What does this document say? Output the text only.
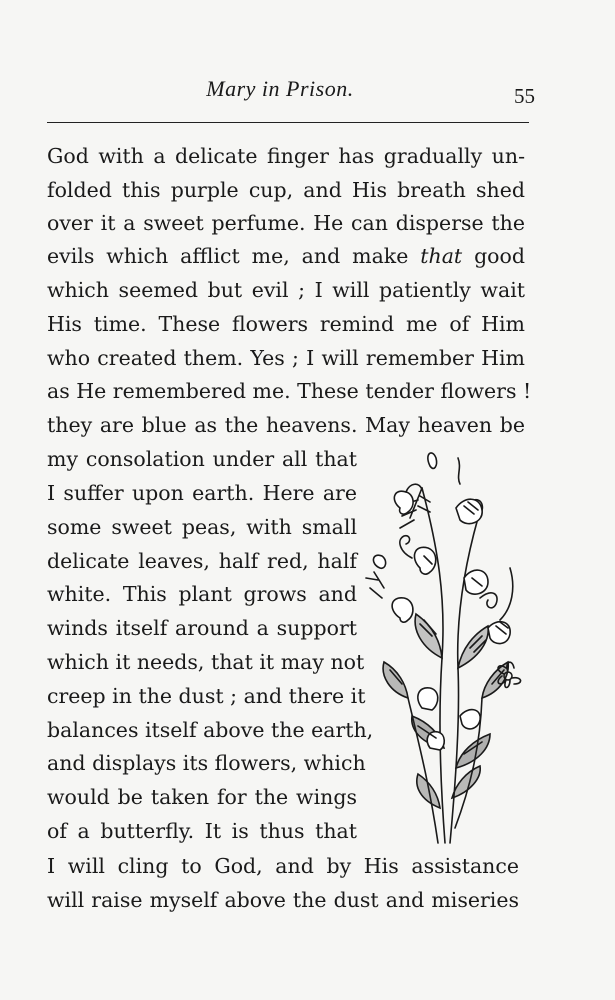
Mary in Prison.	55
God with a delicate finger has gradually un-
folded this purple cup, and His breath shed
over it a sweet perfume. He can disperse the
evils which afflict me, and make that good
which seemed but evil ; I will patiently wait
His time. These flowers remind me of Him
who created them. Yes ; I will remember Him
as He remembered me. These tender flowers !
they are blue as the heavens. May heaven be
my consolation under all that
I suffer upon earth. Here are
some sweet peas, with small
delicate leaves, half red, half
white. This plant grows and
winds itself around a support
which it needs, that it may not
creep in the dust ; and there it
balances itself above the earth,
and displays its flowers, which
would be taken for the wings
of a butterfly. It is thus that
I will cling to God, and by His assistance
will raise myself above the dust and miseries
